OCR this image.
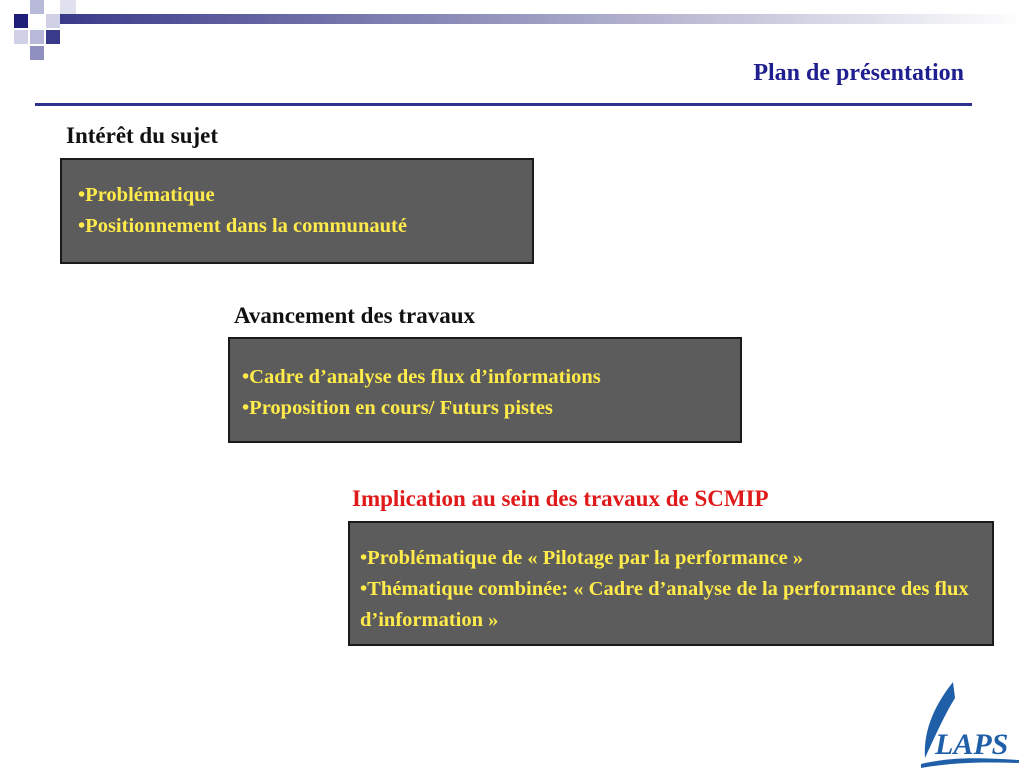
Plan de présentation
Intérêt du sujet
•Problématique
•Positionnement dans la communauté
Avancement des travaux
•Cadre d’analyse des flux d’informations
•Proposition en cours/ Futurs pistes
Implication au sein des travaux de SCMIP
•Problématique de « Pilotage par la performance »
•Thématique combinée: « Cadre d’analyse de la performance des flux d’information »
LAPS
